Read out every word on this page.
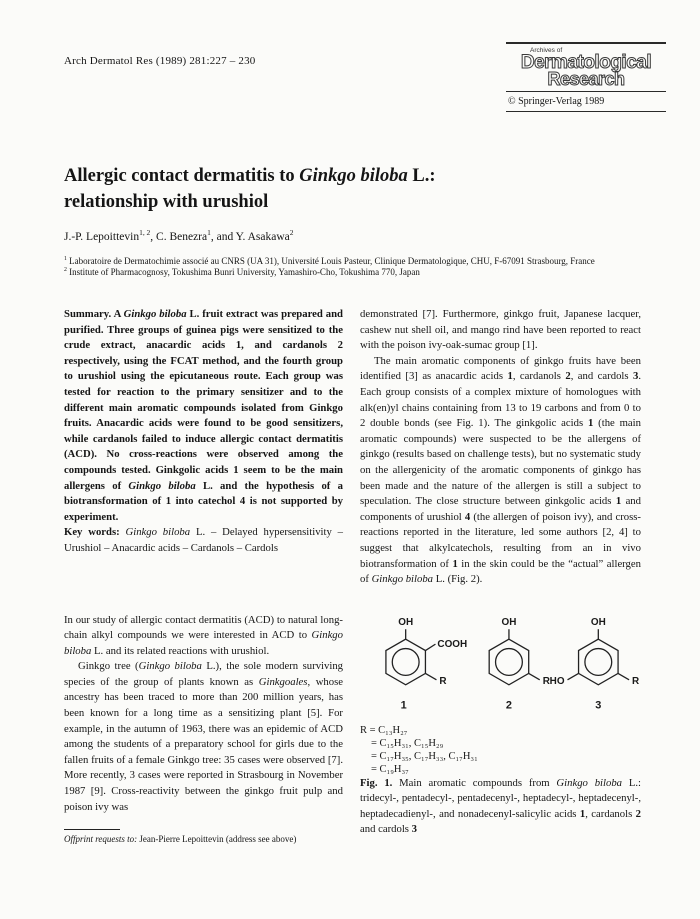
Arch Dermatol Res (1989) 281:227 – 230
Archives of
Dermatological
Research
© Springer-Verlag 1989
Allergic contact dermatitis to Ginkgo biloba L.:
relationship with urushiol
J.-P. Lepoittevin$^{1, 2}$, C. Benezra$^1$, and Y. Asakawa$^2$
$^1$ Laboratoire de Dermatochimie associé au CNRS (UA 31), Université Louis Pasteur, Clinique Dermatologique, CHU, F-67091 Strasbourg, France
$^2$ Institute of Pharmacognosy, Tokushima Bunri University, Yamashiro-Cho, Tokushima 770, Japan

Summary. A Ginkgo biloba L. fruit extract was prepared and purified. Three groups of guinea pigs were sensitized to the crude extract, anacardic acids 1, and cardanols 2 respectively, using the FCAT method, and the fourth group to urushiol using the epicutaneous route. Each group was tested for reaction to the primary sensitizer and to the different main aromatic compounds isolated from Ginkgo fruits. Anacardic acids were found to be good sensitizers, while cardanols failed to induce allergic contact dermatitis (ACD). No cross-reactions were observed among the compounds tested. Ginkgolic acids 1 seem to be the main allergens of Ginkgo biloba L. and the hypothesis of a biotransformation of 1 into catechol 4 is not supported by experiment.

Key words: Ginkgo biloba L. – Delayed hypersensitivity – Urushiol – Anacardic acids – Cardanols – Cardols

In our study of allergic contact dermatitis (ACD) to natural long-chain alkyl compounds we were interested in ACD to Ginkgo biloba L. and its related reactions with urushiol.

Ginkgo tree (Ginkgo biloba L.), the sole modern surviving species of the group of plants known as Ginkgoales, whose ancestry has been traced to more than 200 million years, has been known for a long time as a sensitizing plant [5]. For example, in the autumn of 1963, there was an epidemic of ACD among the students of a preparatory school for girls due to the fallen fruits of a female Ginkgo tree: 35 cases were observed [7]. More recently, 3 cases were reported in Strasbourg in November 1987 [9]. Cross-reactivity between the ginkgo fruit pulp and poison ivy was

Offprint requests to: Jean-Pierre Lepoittevin (address see above)

demonstrated [7]. Furthermore, ginkgo fruit, Japanese lacquer, cashew nut shell oil, and mango rind have been reported to react with the poison ivy-oak-sumac group [1].

The main aromatic components of ginkgo fruits have been identified [3] as anacardic acids 1, cardanols 2, and cardols 3. Each group consists of a complex mixture of homologues with alk(en)yl chains containing from 13 to 19 carbons and from 0 to 2 double bonds (see Fig. 1). The ginkgolic acids 1 (the main aromatic compounds) were suspected to be the allergens of ginkgo (results based on challenge tests), but no systematic study on the allergenicity of the aromatic components of ginkgo has been made and the nature of the allergen is still a subject to speculation. The close structure between ginkgolic acids 1 and components of urushiol 4 (the allergen of poison ivy), and cross-reactions reported in the literature, led some authors [2, 4] to suggest that alkylcatechols, resulting from an in vivo biotransformation of 1 in the skin could be the “actual” allergen of Ginkgo biloba L. (Fig. 2).

OH
COOH
R
1
OH
R
2
OH
HO	R
3
R = C₁₃H₂₇
= C₁₅H₃₁, C₁₅H₂₉
= C₁₇H₃₅, C₁₇H₃₃, C₁₇H₃₁
= C₁₉H₃₇

Fig. 1. Main aromatic compounds from Ginkgo biloba L.: tridecyl-, pentadecyl-, pentadecenyl-, heptadecyl-, heptadecenyl-, heptadecadienyl-, and nonadecenyl-salicylic acids 1, cardanols 2 and cardols 3
